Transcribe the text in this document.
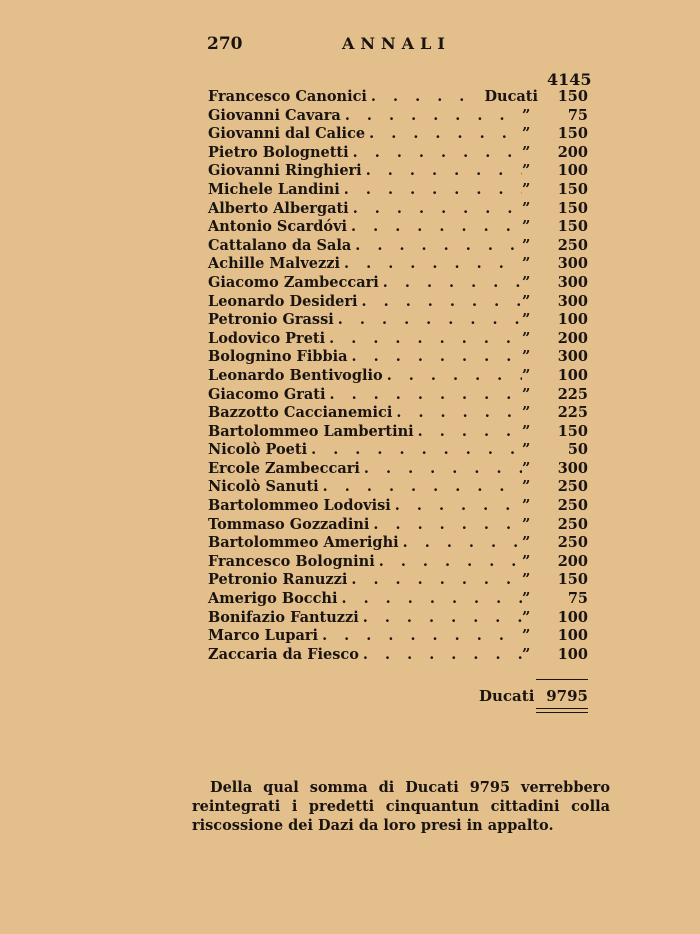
270	ANNALI
4145
Francesco Canonici . . .	Ducati	150
Giovanni Cavara . . .	”	75
Giovanni dal Calice . . .	”	150
Pietro Bolognetti . . .	”	200
Giovanni Ringhieri . . .	”	100
Michele Landini . . .	”	150
Alberto Albergati . . .	”	150
Antonio Scardóvi . . .	”	150
Cattalano da Sala . . .	”	250
Achille Malvezzi . . .	”	300
Giacomo Zambeccari . . .	”	300
Leonardo Desideri . . .	”	300
Petronio Grassi . . .	”	100
Lodovico Preti . . .	”	200
Bolognino Fibbia . . .	”	300
Leonardo Bentivoglio . . .	”	100
Giacomo Grati . . .	”	225
Bazzotto Caccianemici . . .	”	225
Bartolommeo Lambertini . . .	”	150
Nicolò Poeti . . .	”	50
Ercole Zambeccari . . .	”	300
Nicolò Sanuti . . .	”	250
Bartolommeo Lodovisi . . .	”	250
Tommaso Gozzadini . . .	”	250
Bartolommeo Amerighi . . .	”	250
Francesco Bolognini . . .	”	200
Petronio Ranuzzi . . .	”	150
Amerigo Bocchi . . .	”	75
Bonifazio Fantuzzi . . .	”	100
Marco Lupari . . .	”	100
Zaccaria da Fiesco . . .	”	100
Ducati 9795

Della qual somma di Ducati 9795 verrebbero reintegrati i predetti cinquantun cittadini colla riscossione dei Dazi da loro presi in appalto.
